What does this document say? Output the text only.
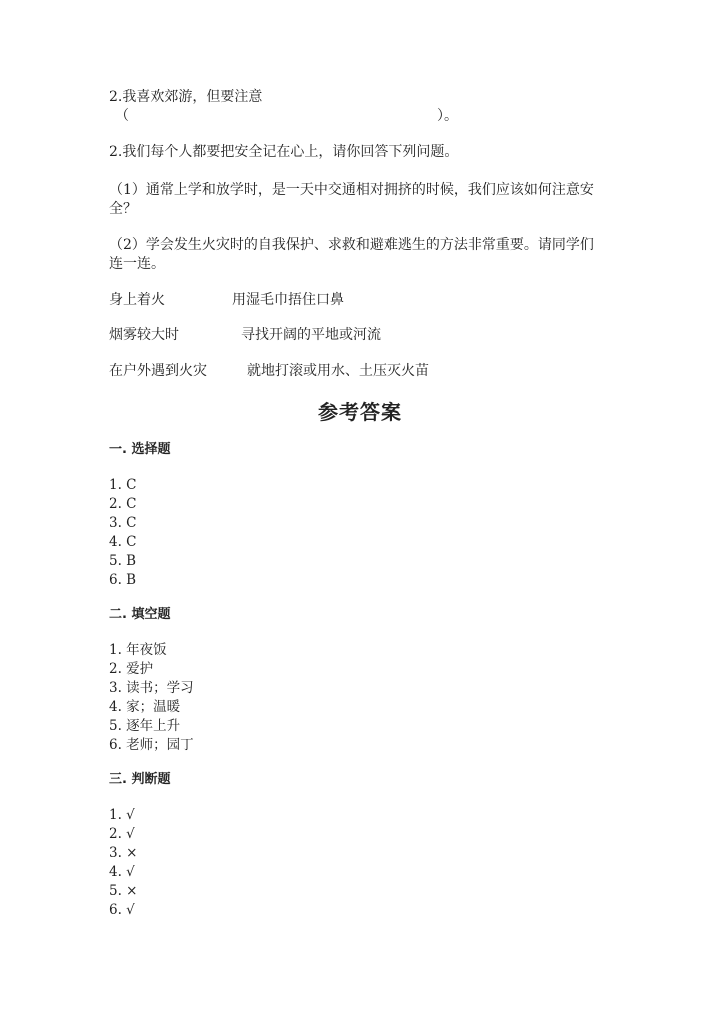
2.我喜欢郊游，但要注意
（	）。
2.我们每个人都要把安全记在心上，请你回答下列问题。
（1）通常上学和放学时，是一天中交通相对拥挤的时候，我们应该如何注意安
全？
（2）学会发生火灾时的自我保护、求救和避难逃生的方法非常重要。请同学们
连一连。
身上着火	用湿毛巾捂住口鼻
烟雾较大时	寻找开阔的平地或河流
在户外遇到火灾	就地打滚或用水、土压灭火苗
参考答案
一. 选择题
1. C
2. C
3. C
4. C
5. B
6. B
二. 填空题
1. 年夜饭
2. 爱护
3. 读书；学习
4. 家；温暖
5. 逐年上升
6. 老师；园丁
三. 判断题
1. √
2. √
3. ×
4. √
5. ×
6. √
